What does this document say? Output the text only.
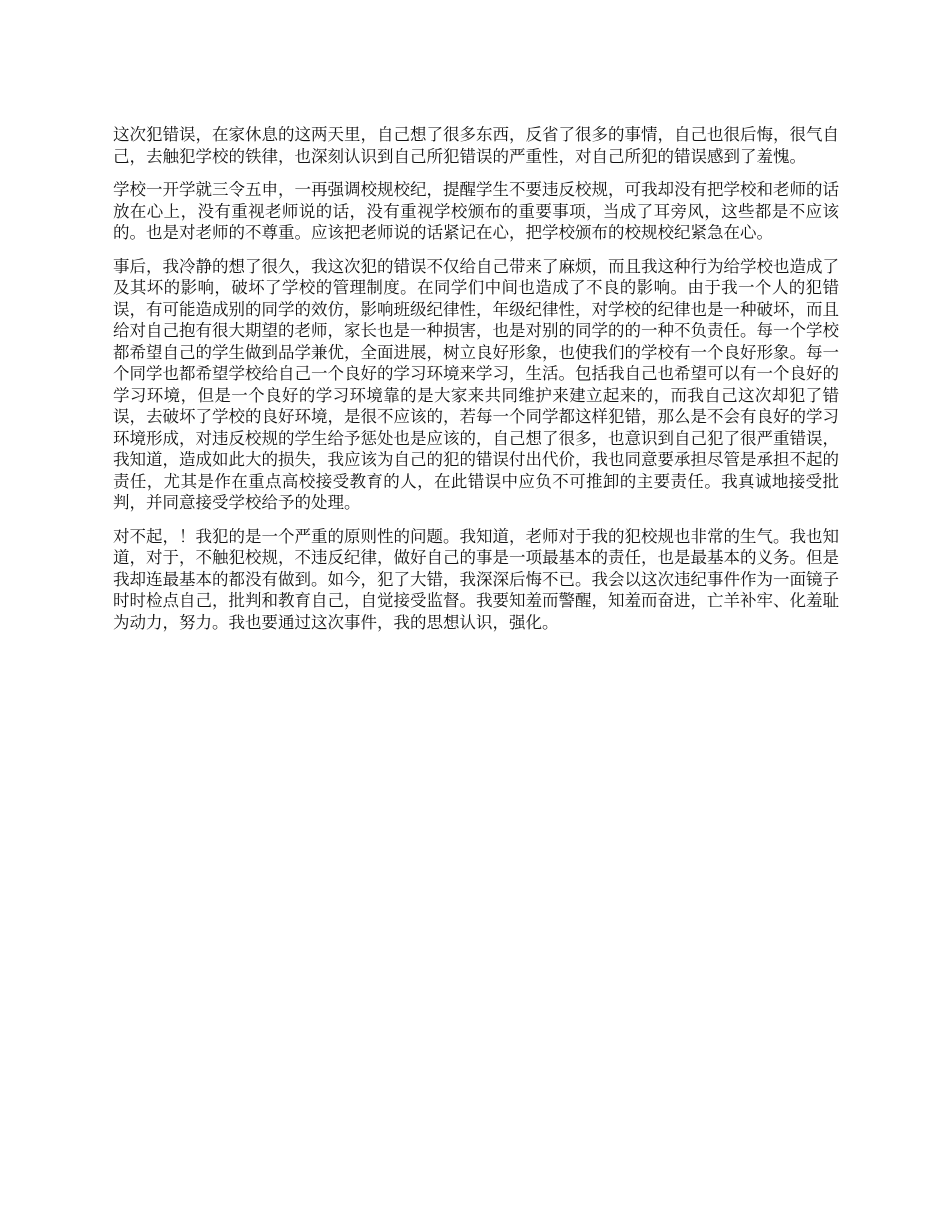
这次犯错误，在家休息的这两天里，自己想了很多东西，反省了很多的事情，自己也很后悔，很气自己，去触犯学校的铁律，也深刻认识到自己所犯错误的严重性，对自己所犯的错误感到了羞愧。

学校一开学就三令五申，一再强调校规校纪，提醒学生不要违反校规，可我却没有把学校和老师的话放在心上，没有重视老师说的话，没有重视学校颁布的重要事项，当成了耳旁风，这些都是不应该的。也是对老师的不尊重。应该把老师说的话紧记在心，把学校颁布的校规校纪紧急在心。

事后，我冷静的想了很久，我这次犯的错误不仅给自己带来了麻烦，而且我这种行为给学校也造成了及其坏的影响，破坏了学校的管理制度。在同学们中间也造成了不良的影响。由于我一个人的犯错误，有可能造成别的同学的效仿，影响班级纪律性，年级纪律性，对学校的纪律也是一种破坏，而且给对自己抱有很大期望的老师，家长也是一种损害，也是对别的同学的的一种不负责任。每一个学校都希望自己的学生做到品学兼优，全面进展，树立良好形象，也使我们的学校有一个良好形象。每一个同学也都希望学校给自己一个良好的学习环境来学习，生活。包括我自己也希望可以有一个良好的学习环境，但是一个良好的学习环境靠的是大家来共同维护来建立起来的，而我自己这次却犯了错误，去破坏了学校的良好环境，是很不应该的，若每一个同学都这样犯错，那么是不会有良好的学习环境形成，对违反校规的学生给予惩处也是应该的，自己想了很多，也意识到自己犯了很严重错误，我知道，造成如此大的损失，我应该为自己的犯的错误付出代价，我也同意要承担尽管是承担不起的责任，尤其是作在重点高校接受教育的人，在此错误中应负不可推卸的主要责任。我真诚地接受批判，并同意接受学校给予的处理。

对不起，！我犯的是一个严重的原则性的问题。我知道，老师对于我的犯校规也非常的生气。我也知道，对于，不触犯校规，不违反纪律，做好自己的事是一项最基本的责任，也是最基本的义务。但是我却连最基本的都没有做到。如今，犯了大错，我深深后悔不已。我会以这次违纪事件作为一面镜子时时检点自己，批判和教育自己，自觉接受监督。我要知羞而警醒，知羞而奋进，亡羊补牢、化羞耻为动力，努力。我也要通过这次事件，我的思想认识，强化。
